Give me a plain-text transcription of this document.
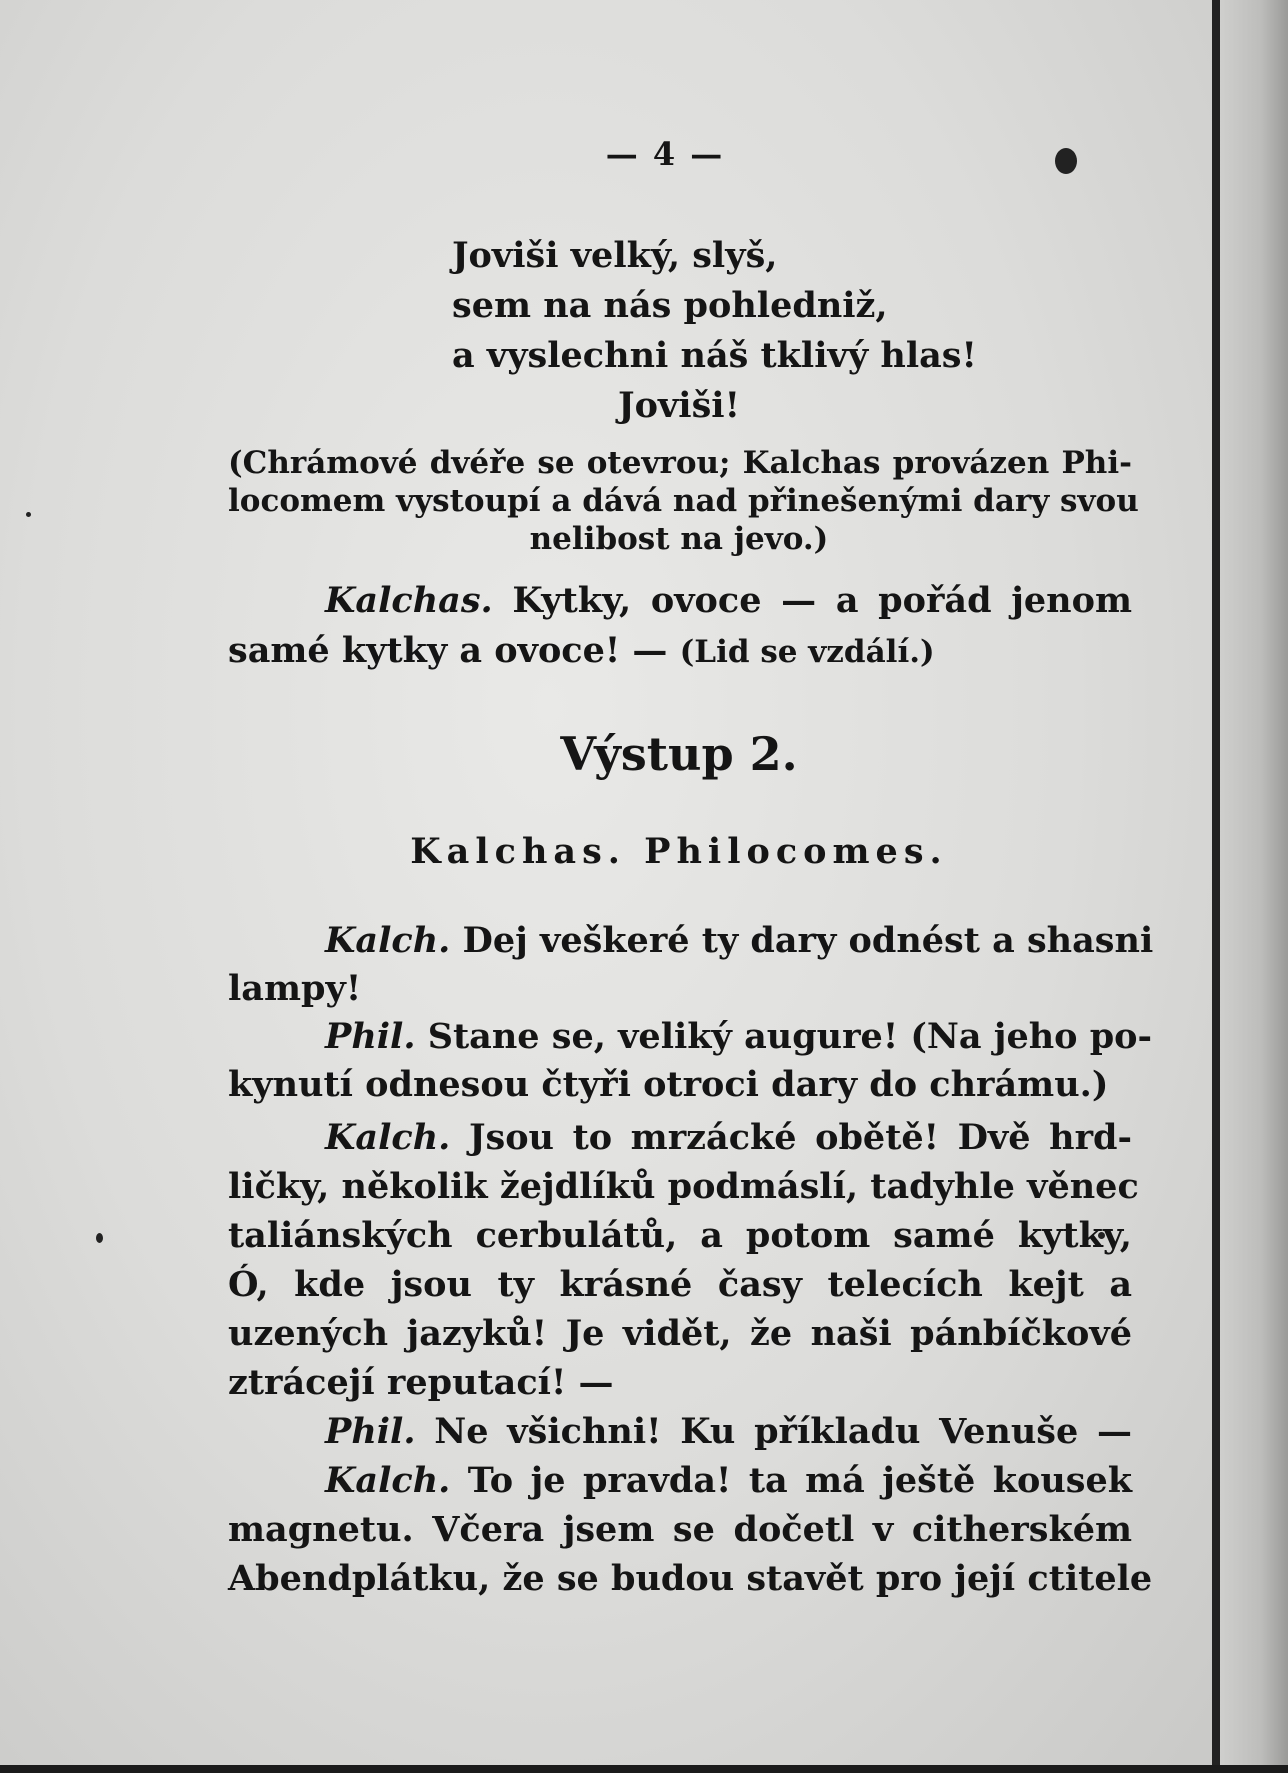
— 4 —
Joviši velký, slyš,
sem na nás pohledniž,
a vyslechni náš tklivý hlas!
Joviši!
(Chrámové dvéře se otevrou; Kalchas provázen Phi-
locomem vystoupí a dává nad přinešenými dary svou
nelibost na jevo.)
Kalchas. Kytky, ovoce — a pořád jenom
samé kytky a ovoce! — (Lid se vzdálí.)
Výstup 2.
Kalchas. Philocomes.
Kalch. Dej veškeré ty dary odnést a shasni
lampy!
Phil. Stane se, veliký augure! (Na jeho po-
kynutí odnesou čtyři otroci dary do chrámu.)
Kalch. Jsou to mrzácké obětě! Dvě hrd-
ličky, několik žejdlíků podmáslí, tadyhle věnec
taliánských cerbulátů, a potom samé kytky,
Ó, kde jsou ty krásné časy telecích kejt a
uzených jazyků! Je vidět, že naši pánbíčkové
ztrácejí reputací! —
Phil. Ne všichni! Ku příkladu Venuše —
Kalch. To je pravda! ta má ještě kousek
magnetu. Včera jsem se dočetl v citherském
Abendplátku, že se budou stavět pro její ctitele
